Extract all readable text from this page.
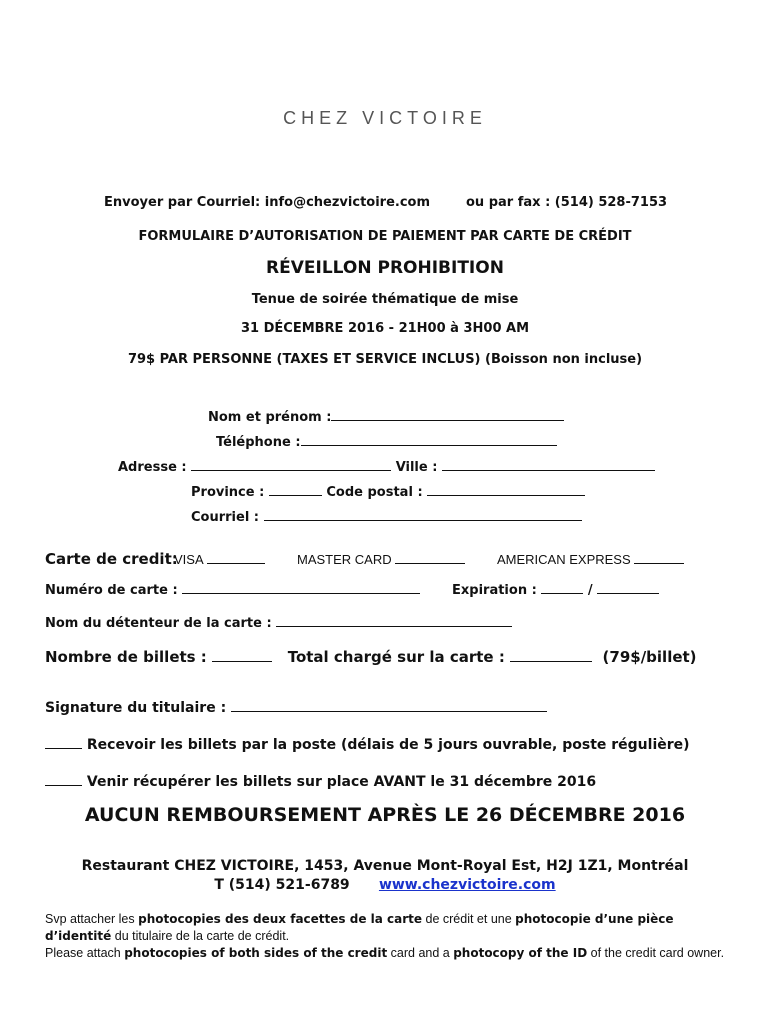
CHEZ VICTOIRE
Envoyer par Courriel: info@chezvictoire.com	ou par fax : (514) 528-7153
FORMULAIRE D’AUTORISATION DE PAIEMENT PAR CARTE DE CRÉDIT
RÉVEILLON PROHIBITION
Tenue de soirée thématique de mise
31 DÉCEMBRE 2016 - 21H00 à 3H00 AM
79$ PAR PERSONNE (TAXES ET SERVICE INCLUS) (Boisson non incluse)
Nom et prénom :
Téléphone :
Adresse :	Ville :
Province :	Code postal :
Courriel :
Carte de credit:
VISA	MASTER CARD	AMERICAN EXPRESS
Numéro de carte :	Expiration :	/
Nom du détenteur de la carte :
Nombre de billets :	Total chargé sur la carte :	(79$/billet)
Signature du titulaire :
Recevoir les billets par la poste (délais de 5 jours ouvrable, poste régulière)
Venir récupérer les billets sur place AVANT le 31 décembre 2016
AUCUN REMBOURSEMENT APRÈS LE 26 DÉCEMBRE 2016
Restaurant CHEZ VICTOIRE, 1453, Avenue Mont-Royal Est, H2J 1Z1, Montréal
T (514) 521-6789 www.chezvictoire.com
Svp attacher les photocopies des deux facettes de la carte de crédit et une photocopie d’une pièce d’identité du titulaire de la carte de crédit.
Please attach photocopies of both sides of the credit card and a photocopy of the ID of the credit card owner.
